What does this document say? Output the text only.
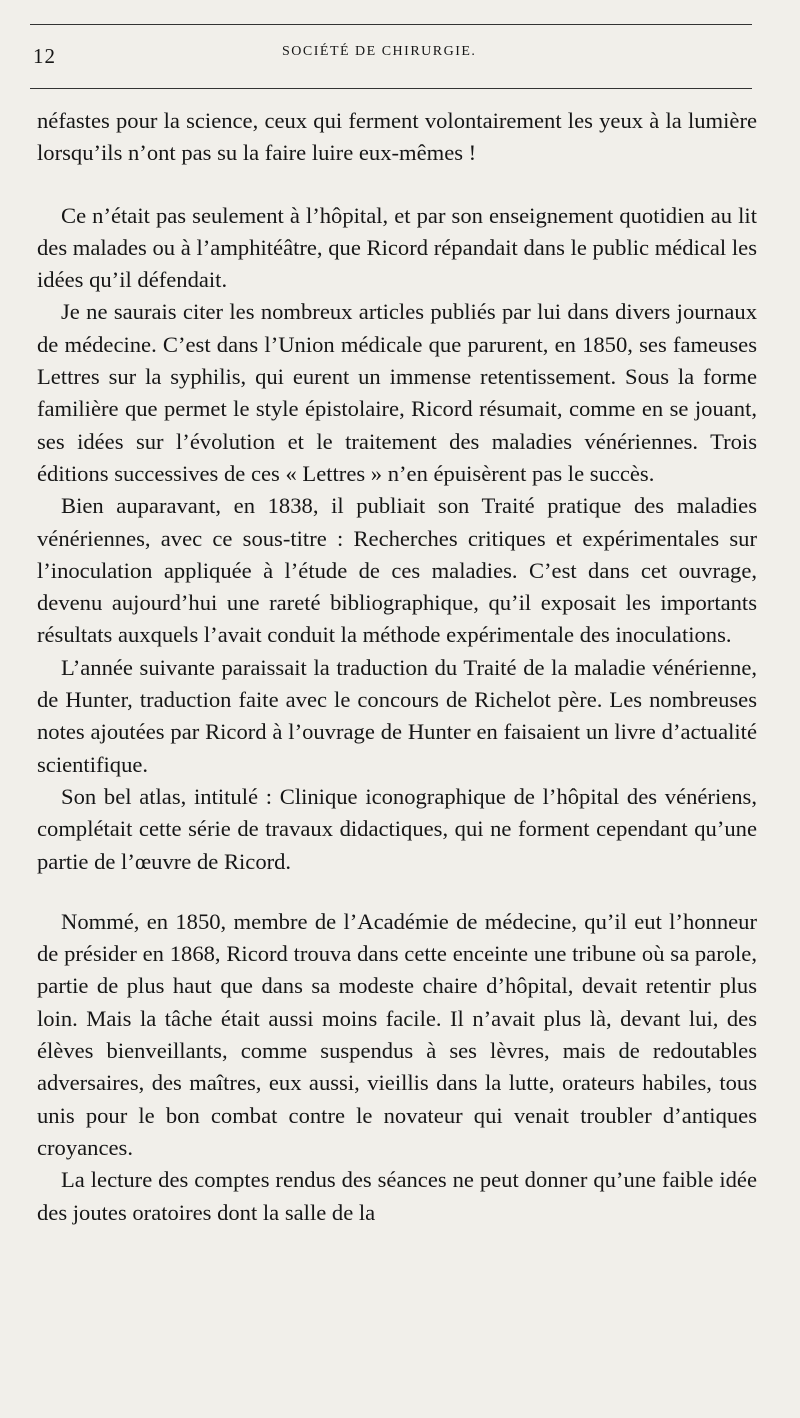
12	SOCIÉTÉ DE CHIRURGIE.

néfastes pour la science, ceux qui ferment volontairement les yeux à la lumière lorsqu’ils n’ont pas su la faire luire eux-mêmes !

Ce n’était pas seulement à l’hôpital, et par son enseignement quotidien au lit des malades ou à l’amphitéâtre, que Ricord répandait dans le public médical les idées qu’il défendait.

Je ne saurais citer les nombreux articles publiés par lui dans divers journaux de médecine. C’est dans l’Union médicale que parurent, en 1850, ses fameuses Lettres sur la syphilis, qui eurent un immense retentissement. Sous la forme familière que permet le style épistolaire, Ricord résumait, comme en se jouant, ses idées sur l’évolution et le traitement des maladies vénériennes. Trois éditions successives de ces « Lettres » n’en épuisèrent pas le succès.

Bien auparavant, en 1838, il publiait son Traité pratique des maladies vénériennes, avec ce sous-titre : Recherches critiques et expérimentales sur l’inoculation appliquée à l’étude de ces maladies. C’est dans cet ouvrage, devenu aujourd’hui une rareté bibliographique, qu’il exposait les importants résultats auxquels l’avait conduit la méthode expérimentale des inoculations.

L’année suivante paraissait la traduction du Traité de la maladie vénérienne, de Hunter, traduction faite avec le concours de Richelot père. Les nombreuses notes ajoutées par Ricord à l’ouvrage de Hunter en faisaient un livre d’actualité scientifique.

Son bel atlas, intitulé : Clinique iconographique de l’hôpital des vénériens, complétait cette série de travaux didactiques, qui ne forment cependant qu’une partie de l’œuvre de Ricord.

Nommé, en 1850, membre de l’Académie de médecine, qu’il eut l’honneur de présider en 1868, Ricord trouva dans cette enceinte une tribune où sa parole, partie de plus haut que dans sa modeste chaire d’hôpital, devait retentir plus loin. Mais la tâche était aussi moins facile. Il n’avait plus là, devant lui, des élèves bienveillants, comme suspendus à ses lèvres, mais de redoutables adversaires, des maîtres, eux aussi, vieillis dans la lutte, orateurs habiles, tous unis pour le bon combat contre le novateur qui venait troubler d’antiques croyances.

La lecture des comptes rendus des séances ne peut donner qu’une faible idée des joutes oratoires dont la salle de la
